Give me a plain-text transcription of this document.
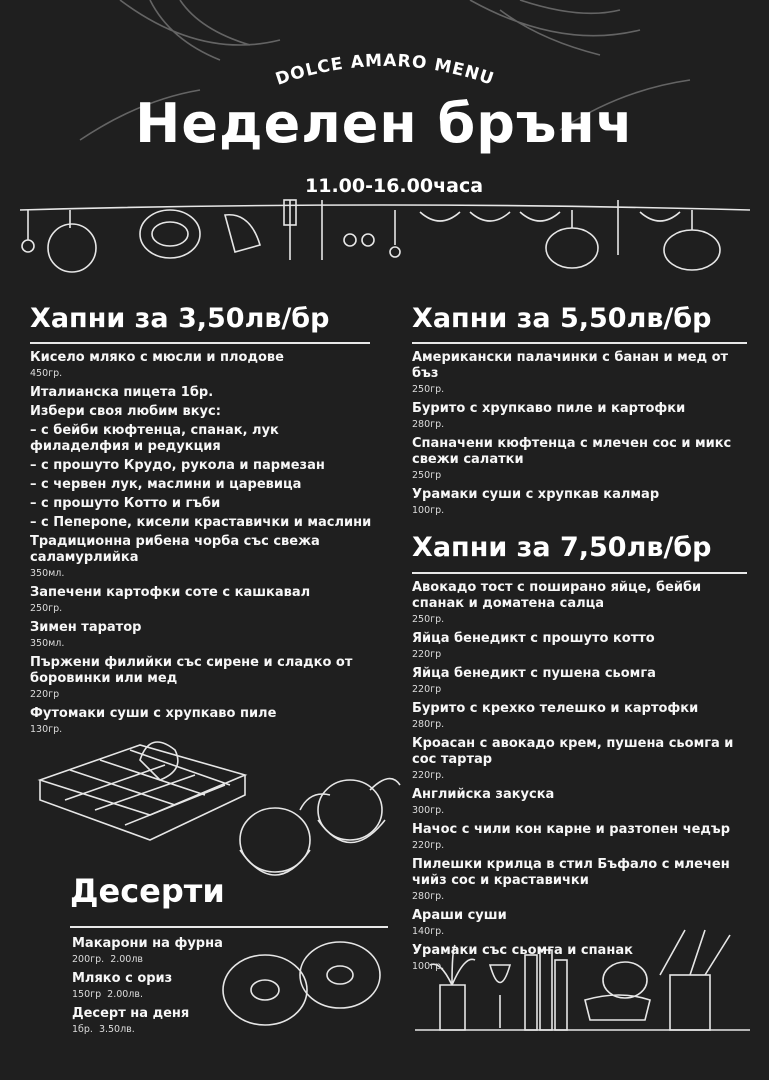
DOLCE AMARO MENU
Неделен брънч
11.00-16.00часа
Хапни за 3,50лв/бр
Кисело мляко с мюсли и плодове
450гр.
Италианска пицета 1бр.
Избери своя любим вкус:
– с бейби кюфтенца, спанак, лук филаделфия и редукция
– с прошуто Крудо, рукола и пармезан
– с червен лук, маслини и царевица
– с прошуто Котто и гъби
– с Пеперone, кисели краставички и маслини
Традиционна рибена чорба със свежа саламурлийка
350мл.
Запечени картофки соте с кашкавал
250гр.
Зимен таратор
350мл.
Пържени филийки със сирене и сладко от боровинки или мед
220гр
Футомаки суши с хрупкаво пиле
130гр.
Хапни за 5,50лв/бр
Американски палачинки с банан и мед от бъз
250гр.
Бурито с хрупкаво пиле и картофки
280гр.
Спаначени кюфтенца с млечен сос и микс свежи салатки
250гр
Урамаки суши с хрупкав калмар
100гр.
Хапни за 7,50лв/бр
Авокадо тост с поширано яйце, бейби спанак и доматена салца
250гр.
Яйца бенедикт с прошуто котто
220гр
Яйца бенедикт с пушена сьомга
220гр
Бурито с крехко телешко и картофки
280гр.
Кроасан с авокадо крем, пушена сьомга и сос тартар
220гр.
Английска закуска
300гр.
Начос с чили кон карне и разтопен чедър
220гр.
Пилешки крилца в стил Бъфало с млечен чийз сос и краставички
280гр.
Араши суши
140гр.
Урамаки със сьомга и спанак
100гр.
Десерти
Макарони на фурна
200гр. 2.00лв
Мляко с ориз
150гр 2.00лв.
Десерт на деня
1бр. 3.50лв.
